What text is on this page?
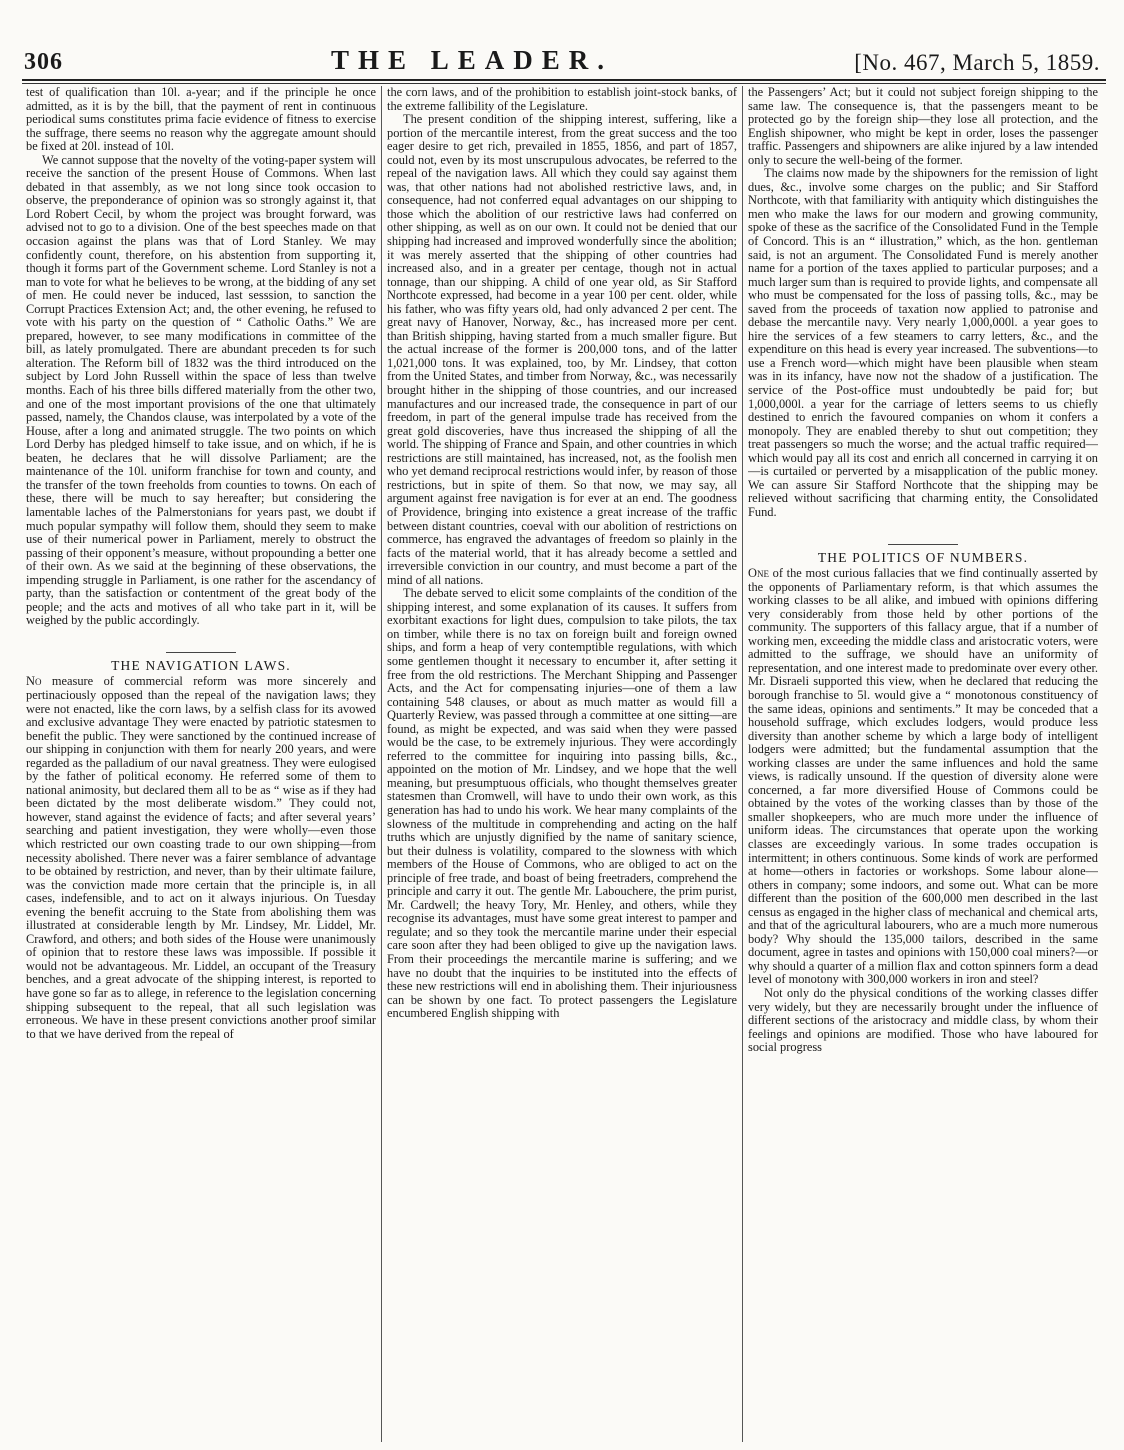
306	THE LEADER.	[No. 467, March 5, 1859.

test of qualification than 10l. a-year; and if the principle he once admitted, as it is by the bill, that the payment of rent in continuous periodical sums constitutes prima facie evidence of fitness to exercise the suffrage, there seems no reason why the aggregate amount should be fixed at 20l. instead of 10l.

We cannot suppose that the novelty of the voting-paper system will receive the sanction of the present House of Commons. When last debated in that assembly, as we not long since took occasion to observe, the preponderance of opinion was so strongly against it, that Lord Robert Cecil, by whom the project was brought forward, was advised not to go to a division. One of the best speeches made on that occasion against the plans was that of Lord Stanley. We may confidently count, therefore, on his abstention from supporting it, though it forms part of the Government scheme. Lord Stanley is not a man to vote for what he believes to be wrong, at the bidding of any set of men. He could never be induced, last sesssion, to sanction the Corrupt Practices Extension Act; and, the other evening, he refused to vote with his party on the question of “ Catholic Oaths.” We are prepared, however, to see many modifications in committee of the bill, as lately promulgated. There are abundant preceden ts for such alteration. The Reform bill of 1832 was the third introduced on the subject by Lord John Russell within the space of less than twelve months. Each of his three bills differed materially from the other two, and one of the most important provisions of the one that ultimately passed, namely, the Chandos clause, was interpolated by a vote of the House, after a long and animated struggle. The two points on which Lord Derby has pledged himself to take issue, and on which, if he is beaten, he declares that he will dissolve Parliament; are the maintenance of the 10l. uniform franchise for town and county, and the transfer of the town freeholds from counties to towns. On each of these, there will be much to say hereafter; but considering the lamentable laches of the Palmerstonians for years past, we doubt if much popular sympathy will follow them, should they seem to make use of their numerical power in Parliament, merely to obstruct the passing of their opponent’s measure, without propounding a better one of their own. As we said at the beginning of these observations, the impending struggle in Parliament, is one rather for the ascendancy of party, than the satisfaction or contentment of the great body of the people; and the acts and motives of all who take part in it, will be weighed by the public accordingly.

THE NAVIGATION LAWS.

No measure of commercial reform was more sincerely and pertinaciously opposed than the repeal of the navigation laws; they were not enacted, like the corn laws, by a selfish class for its avowed and exclusive advantage They were enacted by patriotic statesmen to benefit the public. They were sanctioned by the continued increase of our shipping in conjunction with them for nearly 200 years, and were regarded as the palladium of our naval greatness. They were eulogised by the father of political economy. He referred some of them to national animosity, but declared them all to be as “ wise as if they had been dictated by the most deliberate wisdom.” They could not, however, stand against the evidence of facts; and after several years’ searching and patient investigation, they were wholly—even those which restricted our own coasting trade to our own shipping—from necessity abolished. There never was a fairer semblance of advantage to be obtained by restriction, and never, than by their ultimate failure, was the conviction made more certain that the principle is, in all cases, indefensible, and to act on it always injurious. On Tuesday evening the benefit accruing to the State from abolishing them was illustrated at considerable length by Mr. Lindsey, Mr. Liddel, Mr. Crawford, and others; and both sides of the House were unanimously of opinion that to restore these laws was impossible. If possible it would not be advantageous. Mr. Liddel, an occupant of the Treasury benches, and a great advocate of the shipping interest, is reported to have gone so far as to allege, in reference to the legislation concerning shipping subsequent to the repeal, that all such legislation was erroneous. We have in these present convictions another proof similar to that we have derived from the repeal of

the corn laws, and of the prohibition to establish joint-stock banks, of the extreme fallibility of the Legislature.

The present condition of the shipping interest, suffering, like a portion of the mercantile interest, from the great success and the too eager desire to get rich, prevailed in 1855, 1856, and part of 1857, could not, even by its most unscrupulous advocates, be referred to the repeal of the navigation laws. All which they could say against them was, that other nations had not abolished restrictive laws, and, in consequence, had not conferred equal advantages on our shipping to those which the abolition of our restrictive laws had conferred on other shipping, as well as on our own. It could not be denied that our shipping had increased and improved wonderfully since the abolition; it was merely asserted that the shipping of other countries had increased also, and in a greater per centage, though not in actual tonnage, than our shipping. A child of one year old, as Sir Stafford Northcote expressed, had become in a year 100 per cent. older, while his father, who was fifty years old, had only advanced 2 per cent. The great navy of Hanover, Norway, &c., has increased more per cent. than British shipping, having started from a much smaller figure. But the actual increase of the former is 200,000 tons, and of the latter 1,021,000 tons. It was explained, too, by Mr. Lindsey, that cotton from the United States, and timber from Norway, &c., was necessarily brought hither in the shipping of those countries, and our increased manufactures and our increased trade, the consequence in part of our freedom, in part of the general impulse trade has received from the great gold discoveries, have thus increased the shipping of all the world. The shipping of France and Spain, and other countries in which restrictions are still maintained, has increased, not, as the foolish men who yet demand reciprocal restrictions would infer, by reason of those restrictions, but in spite of them. So that now, we may say, all argument against free navigation is for ever at an end. The goodness of Providence, bringing into existence a great increase of the traffic between distant countries, coeval with our abolition of restrictions on commerce, has engraved the advantages of freedom so plainly in the facts of the material world, that it has already become a settled and irreversible conviction in our country, and must become a part of the mind of all nations.

The debate served to elicit some complaints of the condition of the shipping interest, and some explanation of its causes. It suffers from exorbitant exactions for light dues, compulsion to take pilots, the tax on timber, while there is no tax on foreign built and foreign owned ships, and form a heap of very contemptible regulations, with which some gentlemen thought it necessary to encumber it, after setting it free from the old restrictions. The Merchant Shipping and Passenger Acts, and the Act for compensating injuries—one of them a law containing 548 clauses, or about as much matter as would fill a Quarterly Review, was passed through a committee at one sitting—are found, as might be expected, and was said when they were passed would be the case, to be extremely injurious. They were accordingly referred to the committee for inquiring into passing bills, &c., appointed on the motion of Mr. Lindsey, and we hope that the well meaning, but presumptuous officials, who thought themselves greater statesmen than Cromwell, will have to undo their own work, as this generation has had to undo his work. We hear many complaints of the slowness of the multitude in comprehending and acting on the half truths which are unjustly dignified by the name of sanitary science, but their dulness is volatility, compared to the slowness with which members of the House of Commons, who are obliged to act on the principle of free trade, and boast of being freetraders, comprehend the principle and carry it out. The gentle Mr. Labouchere, the prim purist, Mr. Cardwell; the heavy Tory, Mr. Henley, and others, while they recognise its advantages, must have some great interest to pamper and regulate; and so they took the mercantile marine under their especial care soon after they had been obliged to give up the navigation laws. From their proceedings the mercantile marine is suffering; and we have no doubt that the inquiries to be instituted into the effects of these new restrictions will end in abolishing them. Their injuriousness can be shown by one fact. To protect passengers the Legislature encumbered English shipping with

the Passengers’ Act; but it could not subject foreign shipping to the same law. The consequence is, that the passengers meant to be protected go by the foreign ship—they lose all protection, and the English shipowner, who might be kept in order, loses the passenger traffic. Passengers and shipowners are alike injured by a law intended only to secure the well-being of the former.

The claims now made by the shipowners for the remission of light dues, &c., involve some charges on the public; and Sir Stafford Northcote, with that familiarity with antiquity which distinguishes the men who make the laws for our modern and growing community, spoke of these as the sacrifice of the Consolidated Fund in the Temple of Concord. This is an “ illustration,” which, as the hon. gentleman said, is not an argument. The Consolidated Fund is merely another name for a portion of the taxes applied to particular purposes; and a much larger sum than is required to provide lights, and compensate all who must be compensated for the loss of passing tolls, &c., may be saved from the proceeds of taxation now applied to patronise and debase the mercantile navy. Very nearly 1,000,000l. a year goes to hire the services of a few steamers to carry letters, &c., and the expenditure on this head is every year increased. The subventions—to use a French word—which might have been plausible when steam was in its infancy, have now not the shadow of a justification. The service of the Post-office must undoubtedly be paid for; but 1,000,000l. a year for the carriage of letters seems to us chiefly destined to enrich the favoured companies on whom it confers a monopoly. They are enabled thereby to shut out competition; they treat passengers so much the worse; and the actual traffic required—which would pay all its cost and enrich all concerned in carrying it on—is curtailed or perverted by a misapplication of the public money. We can assure Sir Stafford Northcote that the shipping may be relieved without sacrificing that charming entity, the Consolidated Fund.

THE POLITICS OF NUMBERS.

One of the most curious fallacies that we find continually asserted by the opponents of Parliamentary reform, is that which assumes the working classes to be all alike, and imbued with opinions differing very considerably from those held by other portions of the community. The supporters of this fallacy argue, that if a number of working men, exceeding the middle class and aristocratic voters, were admitted to the suffrage, we should have an uniformity of representation, and one interest made to predominate over every other. Mr. Disraeli supported this view, when he declared that reducing the borough franchise to 5l. would give a “ monotonous constituency of the same ideas, opinions and sentiments.” It may be conceded that a household suffrage, which excludes lodgers, would produce less diversity than another scheme by which a large body of intelligent lodgers were admitted; but the fundamental assumption that the working classes are under the same influences and hold the same views, is radically unsound. If the question of diversity alone were concerned, a far more diversified House of Commons could be obtained by the votes of the working classes than by those of the smaller shopkeepers, who are much more under the influence of uniform ideas. The circumstances that operate upon the working classes are exceedingly various. In some trades occupation is intermittent; in others continuous. Some kinds of work are performed at home—others in factories or workshops. Some labour alone—others in company; some indoors, and some out. What can be more different than the position of the 600,000 men described in the last census as engaged in the higher class of mechanical and chemical arts, and that of the agricultural labourers, who are a much more numerous body? Why should the 135,000 tailors, described in the same document, agree in tastes and opinions with 150,000 coal miners?—or why should a quarter of a million flax and cotton spinners form a dead level of monotony with 300,000 workers in iron and steel?

Not only do the physical conditions of the working classes differ very widely, but they are necessarily brought under the influence of different sections of the aristocracy and middle class, by whom their feelings and opinions are modified. Those who have laboured for social progress
